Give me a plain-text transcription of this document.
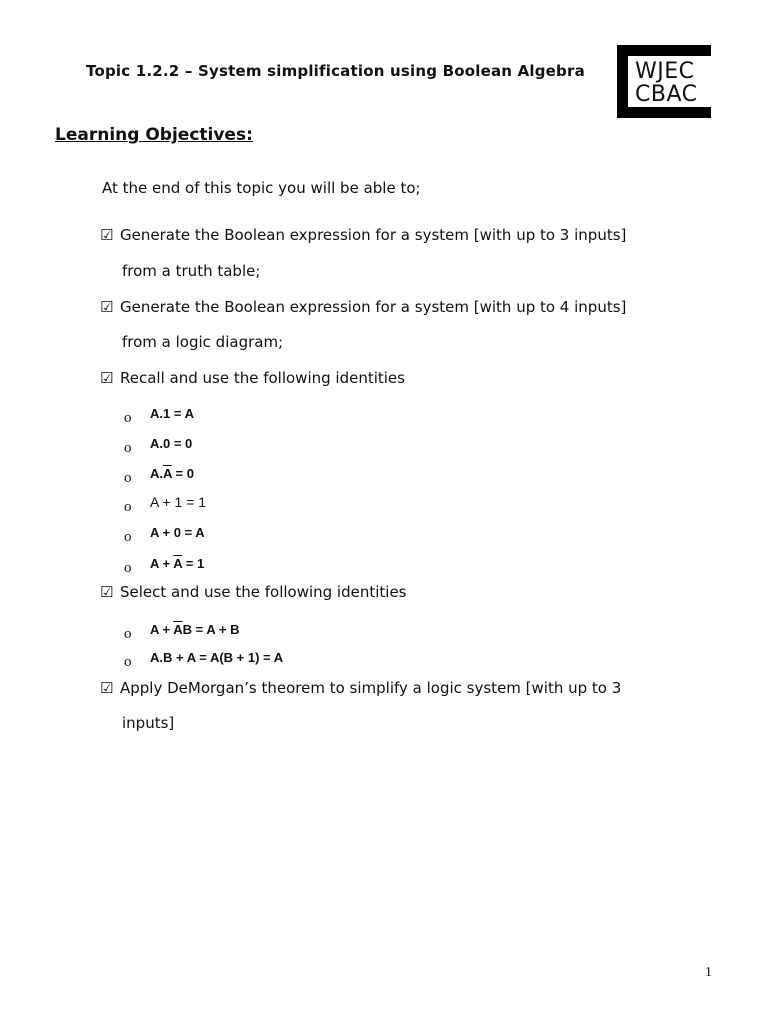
Topic 1.2.2 – System simplification using Boolean Algebra WJEC
CBAC
Learning Objectives:
At the end of this topic you will be able to;
☑ Generate the Boolean expression for a system [with up to 3 inputs]
from a truth table;
☑ Generate the Boolean expression for a system [with up to 4 inputs]
from a logic diagram;
☑ Recall and use the following identities
o A.1 = A
o A.0 = 0
o $A.\overline{A} = 0$
o A + 1 = 1
o A + 0 = A
o $A + \overline{A} = 1$
☑ Select and use the following identities
o $A + \overline{A}B = A + B$
o A.B + A = A(B + 1) = A
☑ Apply DeMorgan’s theorem to simplify a logic system [with up to 3
inputs]
1
